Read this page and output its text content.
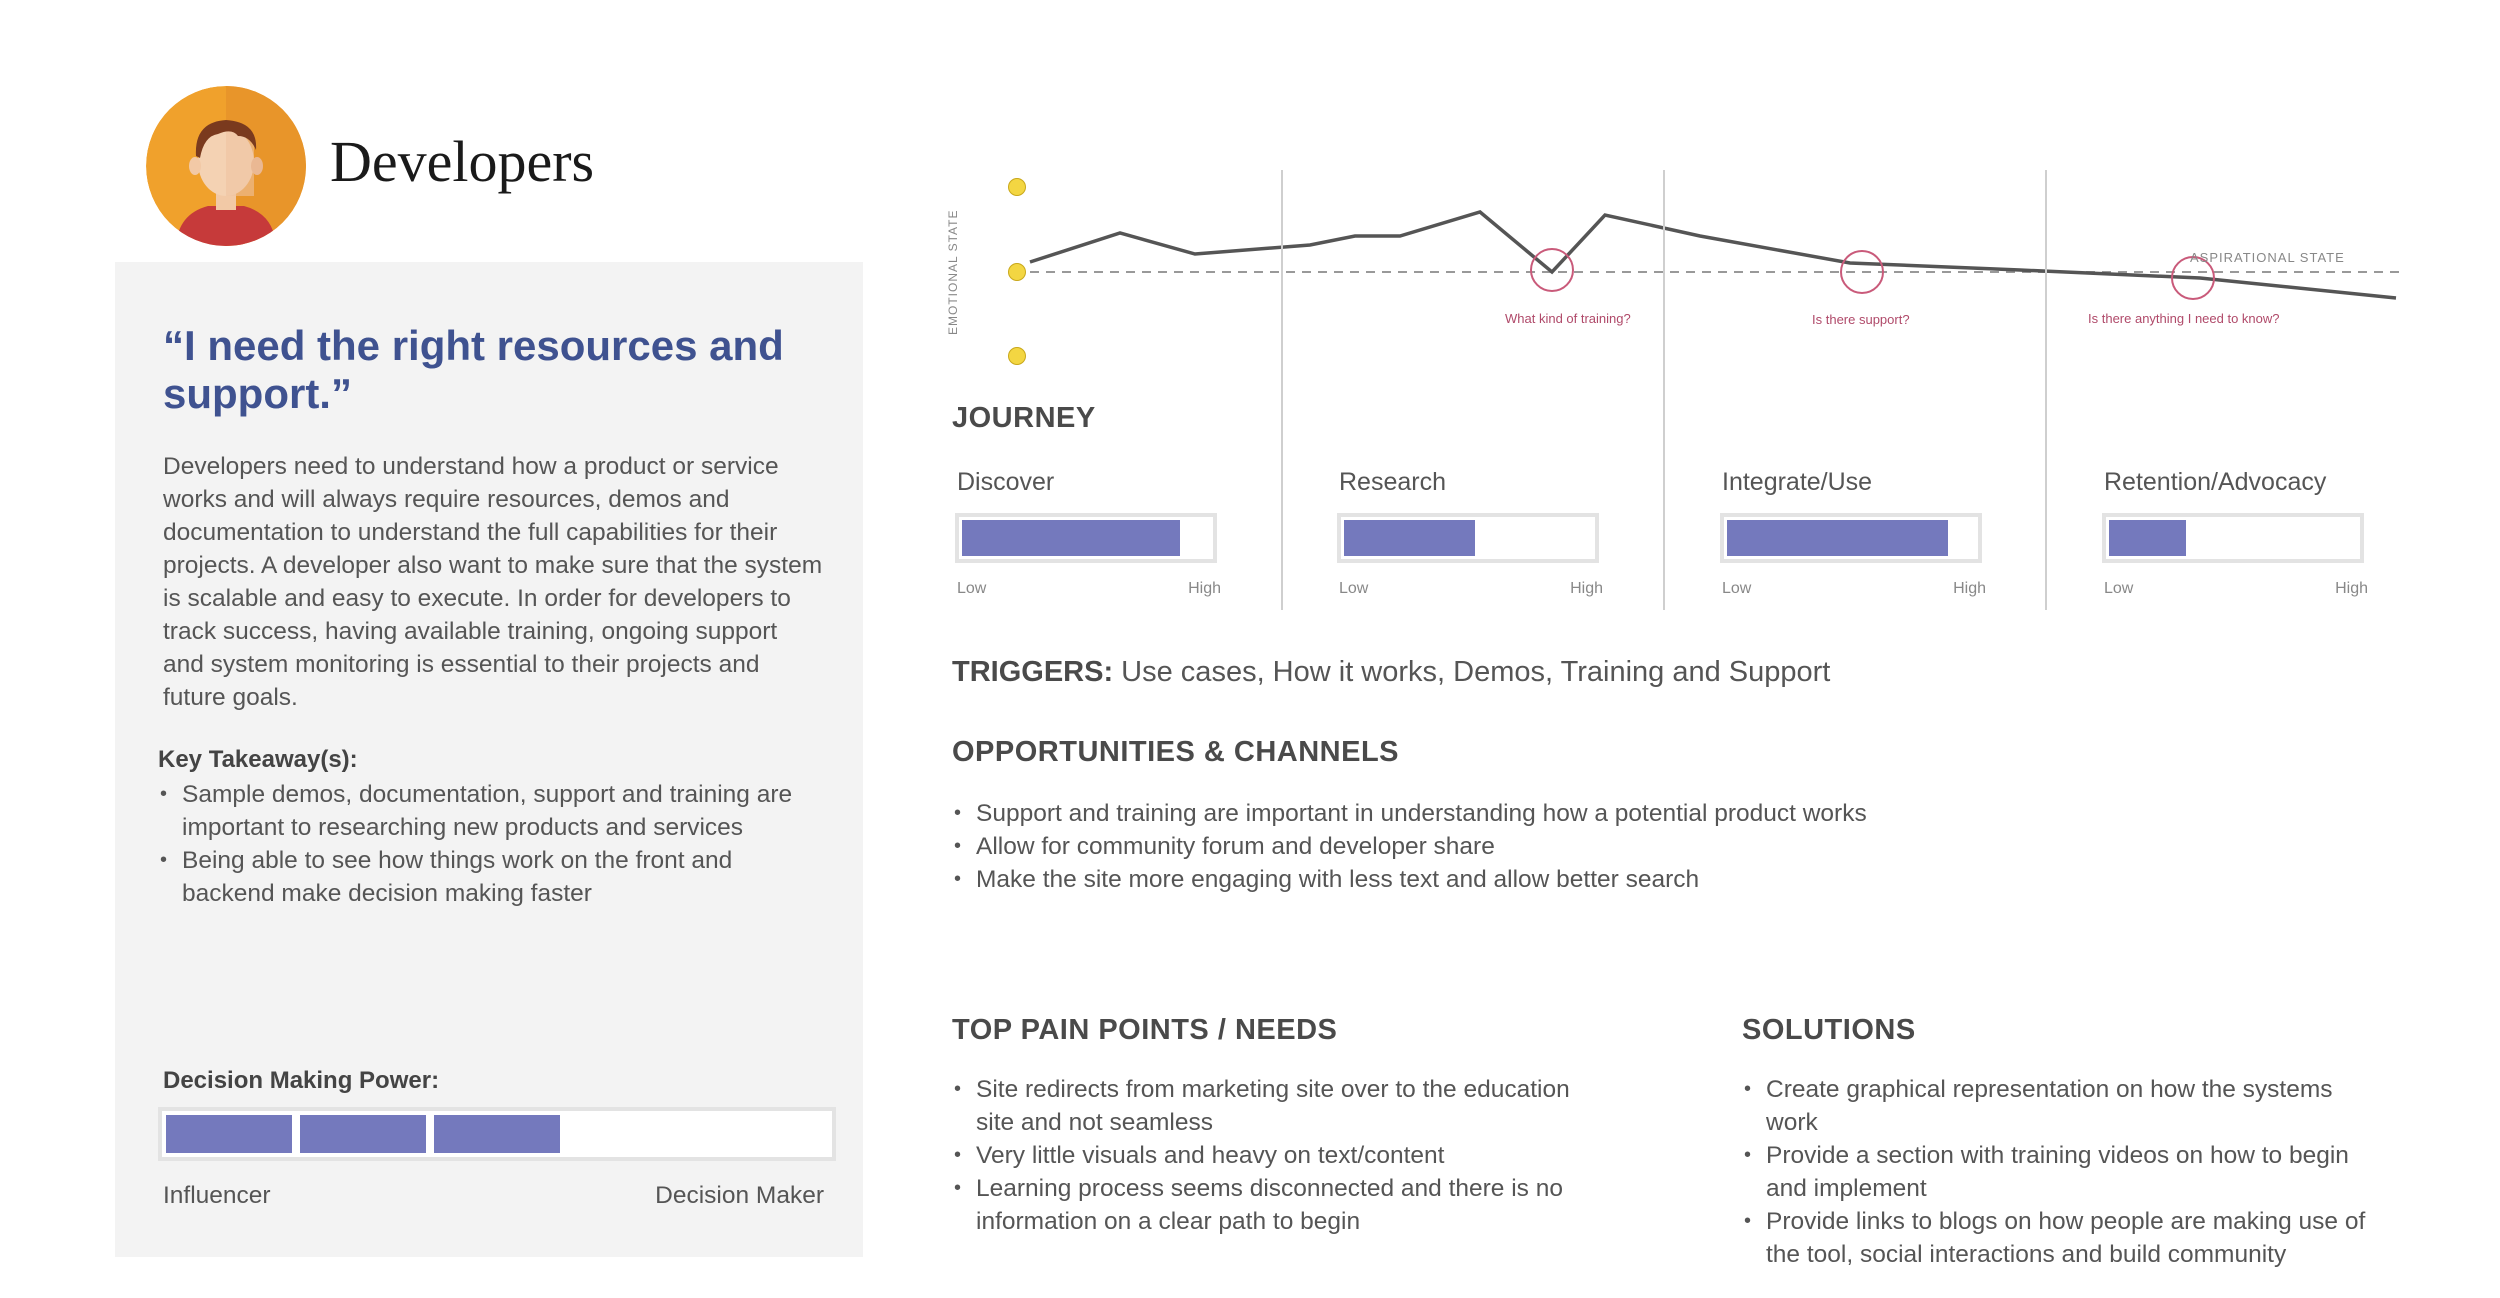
Developers

“I need the right resources and support.”

Developers need to understand how a product or service works and will always require resources, demos and documentation to understand the full capabilities for their projects. A developer also want to make sure that the system is scalable and easy to execute. In order for developers to track success, having available training, ongoing support and system monitoring is essential to their projects and future goals.

Key Takeaway(s):
• Sample demos, documentation, support and training are important to researching new products and services
• Being able to see how things work on the front and backend make decision making faster
Decision Making Power:
Influencer	Decision Maker
EMOTIONAL STATE	ASPIRATIONAL STATE
What kind of training?	Is there support?	Is there anything I need to know?
JOURNEY
Discover
Low	High
Research
Low	High
Integrate/Use
Low	High
Retention/Advocacy
Low	High
TRIGGERS: Use cases, How it works, Demos, Training and Support
OPPORTUNITIES & CHANNELS
• Support and training are important in understanding how a potential product works
• Allow for community forum and developer share
• Make the site more engaging with less text and allow better search
TOP PAIN POINTS / NEEDS
• Site redirects from marketing site over to the education site and not seamless
• Very little visuals and heavy on text/content
• Learning process seems disconnected and there is no information on a clear path to begin
SOLUTIONS
• Create graphical representation on how the systems work
• Provide a section with training videos on how to begin and implement
• Provide links to blogs on how people are making use of the tool, social interactions and build community
